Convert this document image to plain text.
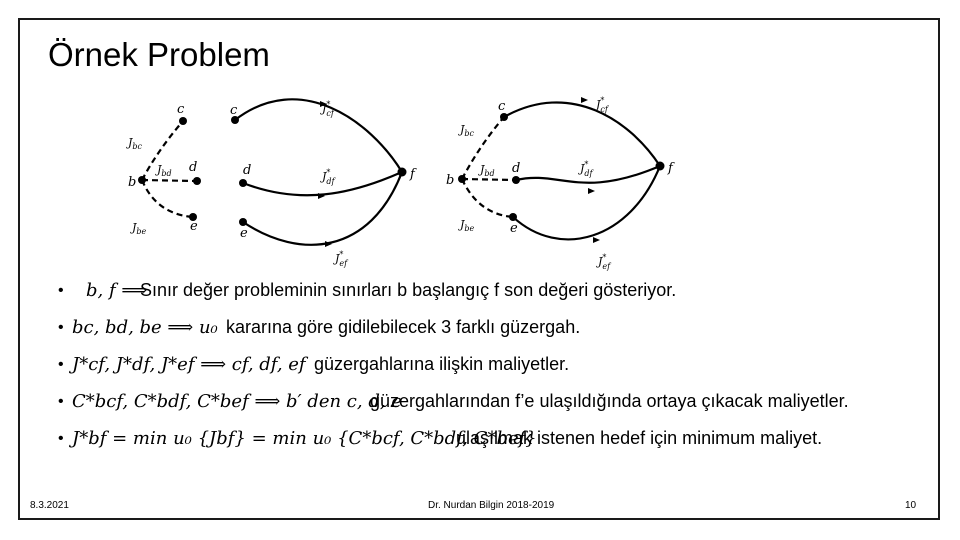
Örnek Problem
c
b
d
e
$J_{bc}$
$J_{bd}$
$J_{be}$
c
d
e
f
J* cf
J* df
J* ef
c
b
d
e
f
$J_{bc}$
$J_{bd}$
$J_{be}$
J* cf
J* df
J* ef
• b, f ⟹
Sınır değer probleminin sınırları b başlangıç f son değeri gösteriyor.
• bc, bd, be ⟹ u₀ kararına göre gidilebilecek 3 farklı güzergah.
• J*cf, J*df, J*ef ⟹ cf, df, ef güzergahlarına ilişkin maliyetler.
• C*bcf, C*bdf, C*bef ⟹ b′ den c, d, e
güzergahlarından f’e ulaşıldığında ortaya çıkacak maliyetler.
• J*bf = min u₀ {Jbf} = min u₀ {C*bcf, C*bdf, C*bef}
ulaşılmak istenen hedef için minimum maliyet.
8.3.2021	Dr. Nurdan Bilgin 2018-2019	10
